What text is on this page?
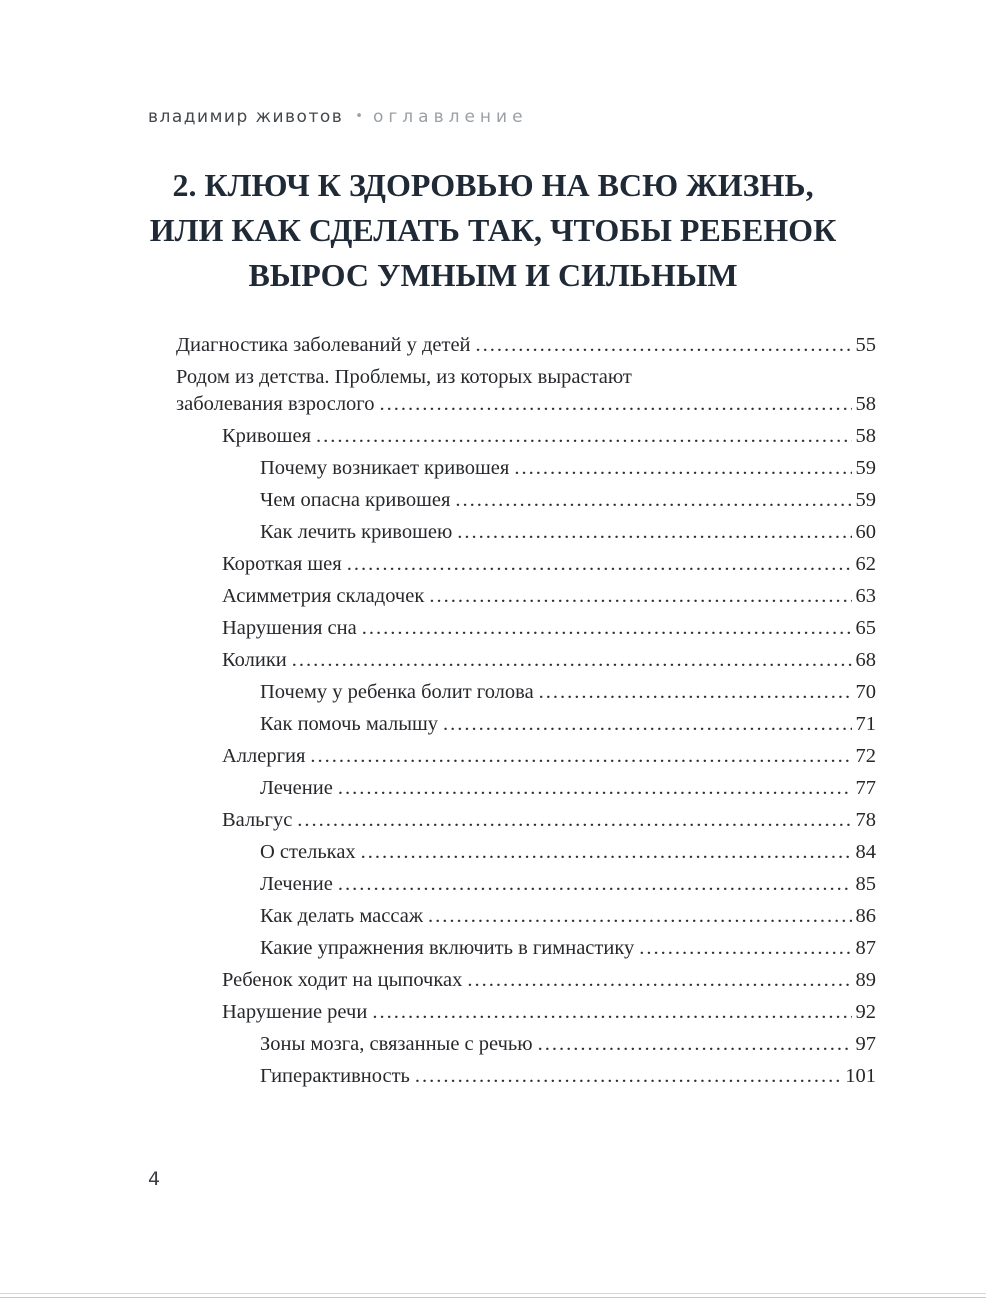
владимир животов • оглавление
2. КЛЮЧ К ЗДОРОВЬЮ НА ВСЮ ЖИЗНЬ,
ИЛИ КАК СДЕЛАТЬ ТАК, ЧТОБЫ РЕБЕНОК
ВЫРОС УМНЫМ И СИЛЬНЫМ
Диагностика заболеваний у детей .....	55
Родом из детства. Проблемы, из которых вырастают
заболевания взрослого .....	58
Кривошея .....	58
Почему возникает кривошея .....	59
Чем опасна кривошея .....	59
Как лечить кривошею .....	60
Короткая шея .....	62
Асимметрия складочек .....	63
Нарушения сна .....	65
Колики .....	68
Почему у ребенка болит голова .....	70
Как помочь малышу .....	71
Аллергия .....	72
Лечение .....	77
Вальгус .....	78
О стельках .....	84
Лечение .....	85
Как делать массаж .....	86
Какие упражнения включить в гимнастику .....	87
Ребенок ходит на цыпочках .....	89
Нарушение речи .....	92
Зоны мозга, связанные с речью .....	97
Гиперактивность .....	101
4
